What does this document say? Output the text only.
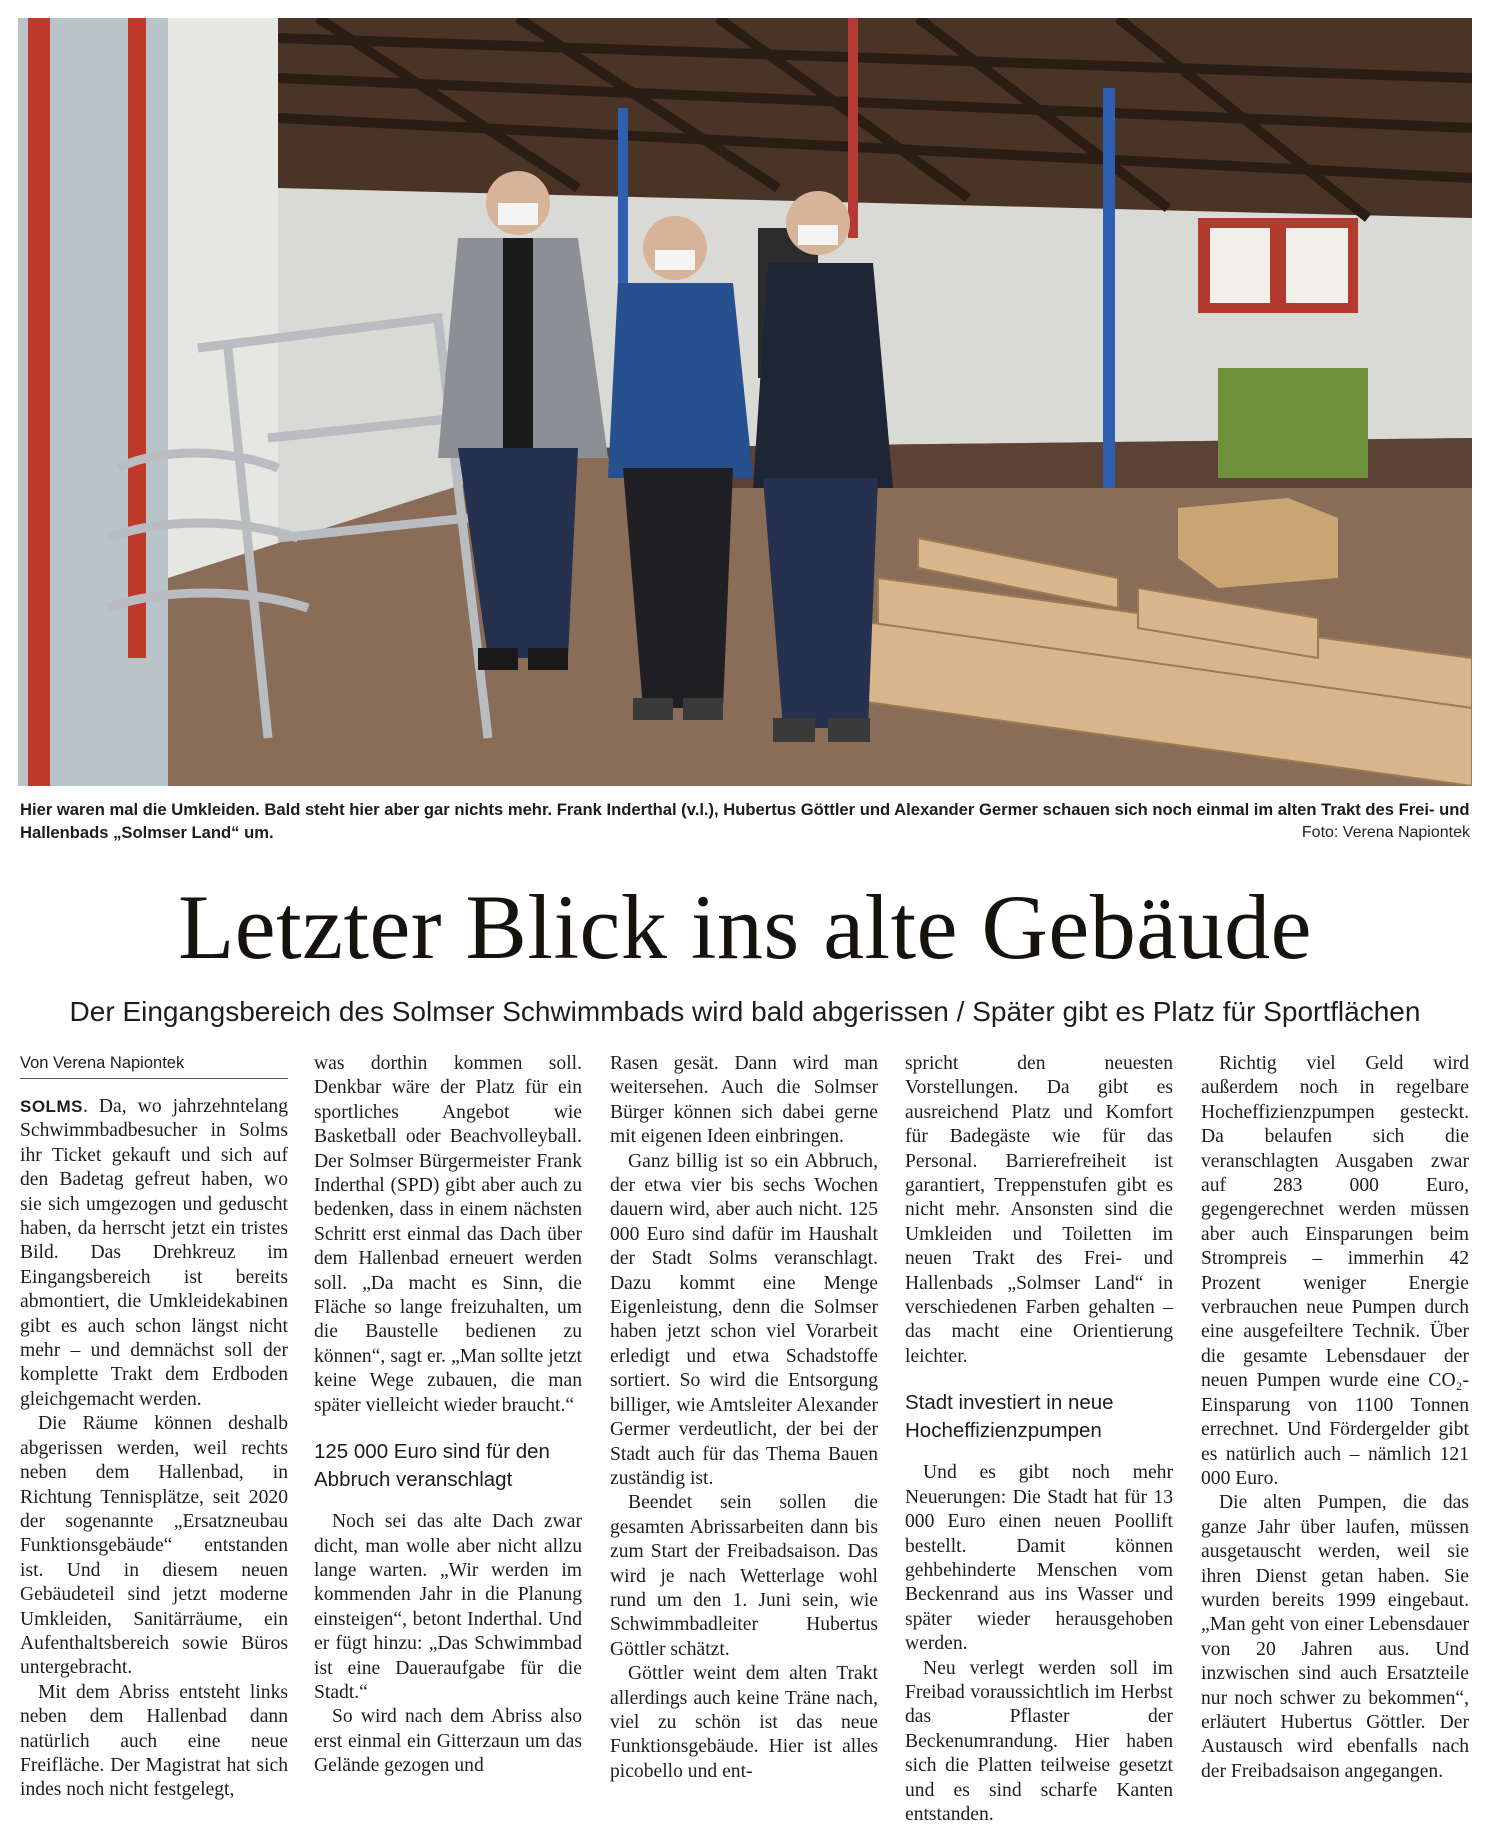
Hier waren mal die Umkleiden. Bald steht hier aber gar nichts mehr. Frank Inderthal (v.l.), Hubertus Göttler und Alexander Germer schauen sich noch einmal im alten Trakt des Frei- und Hallenbads „Solmser Land“ um.	Foto: Verena Napiontek
Letzter Blick ins alte Gebäude
Der Eingangsbereich des Solmser Schwimmbads wird bald abgerissen / Später gibt es Platz für Sportflächen
Von Verena Napiontek

SOLMS. Da, wo jahrzehntelang Schwimmbadbesucher in Solms ihr Ticket gekauft und sich auf den Badetag gefreut haben, wo sie sich umgezogen und geduscht haben, da herrscht jetzt ein tristes Bild. Das Drehkreuz im Eingangsbereich ist bereits abmontiert, die Umkleidekabinen gibt es auch schon längst nicht mehr – und demnächst soll der komplette Trakt dem Erdboden gleichgemacht werden.

Die Räume können deshalb abgerissen werden, weil rechts neben dem Hallenbad, in Richtung Tennisplätze, seit 2020 der sogenannte „Ersatzneubau Funktionsgebäude“ entstanden ist. Und in diesem neuen Gebäudeteil sind jetzt moderne Umkleiden, Sanitärräume, ein Aufenthaltsbereich sowie Büros untergebracht.

Mit dem Abriss entsteht links neben dem Hallenbad dann natürlich auch eine neue Freifläche. Der Magistrat hat sich indes noch nicht festgelegt,

was dorthin kommen soll. Denkbar wäre der Platz für ein sportliches Angebot wie Basketball oder Beachvolleyball. Der Solmser Bürgermeister Frank Inderthal (SPD) gibt aber auch zu bedenken, dass in einem nächsten Schritt erst einmal das Dach über dem Hallenbad erneuert werden soll. „Da macht es Sinn, die Fläche so lange freizuhalten, um die Baustelle bedienen zu können“, sagt er. „Man sollte jetzt keine Wege zubauen, die man später vielleicht wieder braucht.“

125 000 Euro sind für den Abbruch veranschlagt

Noch sei das alte Dach zwar dicht, man wolle aber nicht allzu lange warten. „Wir werden im kommenden Jahr in die Planung einsteigen“, betont Inderthal. Und er fügt hinzu: „Das Schwimmbad ist eine Daueraufgabe für die Stadt.“

So wird nach dem Abriss also erst einmal ein Gitterzaun um das Gelände gezogen und

Rasen gesät. Dann wird man weitersehen. Auch die Solmser Bürger können sich dabei gerne mit eigenen Ideen einbringen.

Ganz billig ist so ein Abbruch, der etwa vier bis sechs Wochen dauern wird, aber auch nicht. 125 000 Euro sind dafür im Haushalt der Stadt Solms veranschlagt. Dazu kommt eine Menge Eigenleistung, denn die Solmser haben jetzt schon viel Vorarbeit erledigt und etwa Schadstoffe sortiert. So wird die Entsorgung billiger, wie Amtsleiter Alexander Germer verdeutlicht, der bei der Stadt auch für das Thema Bauen zuständig ist.

Beendet sein sollen die gesamten Abrissarbeiten dann bis zum Start der Freibadsaison. Das wird je nach Wetterlage wohl rund um den 1. Juni sein, wie Schwimmbadleiter Hubertus Göttler schätzt.

Göttler weint dem alten Trakt allerdings auch keine Träne nach, viel zu schön ist das neue Funktionsgebäude. Hier ist alles picobello und ent-

spricht den neuesten Vorstellungen. Da gibt es ausreichend Platz und Komfort für Badegäste wie für das Personal. Barrierefreiheit ist garantiert, Treppenstufen gibt es nicht mehr. Ansonsten sind die Umkleiden und Toiletten im neuen Trakt des Frei- und Hallenbads „Solmser Land“ in verschiedenen Farben gehalten – das macht eine Orientierung leichter.

Stadt investiert in neue Hocheffizienzpumpen

Und es gibt noch mehr Neuerungen: Die Stadt hat für 13 000 Euro einen neuen Poollift bestellt. Damit können gehbehinderte Menschen vom Beckenrand aus ins Wasser und später wieder herausgehoben werden.

Neu verlegt werden soll im Freibad voraussichtlich im Herbst das Pflaster der Beckenumrandung. Hier haben sich die Platten teilweise gesetzt und es sind scharfe Kanten entstanden.

Richtig viel Geld wird außerdem noch in regelbare Hocheffizienzpumpen gesteckt. Da belaufen sich die veranschlagten Ausgaben zwar auf 283 000 Euro, gegengerechnet werden müssen aber auch Einsparungen beim Strompreis – immerhin 42 Prozent weniger Energie verbrauchen neue Pumpen durch eine ausgefeiltere Technik. Über die gesamte Lebensdauer der neuen Pumpen wurde eine CO₂-Einsparung von 1100 Tonnen errechnet. Und Fördergelder gibt es natürlich auch – nämlich 121 000 Euro.

Die alten Pumpen, die das ganze Jahr über laufen, müssen ausgetauscht werden, weil sie ihren Dienst getan haben. Sie wurden bereits 1999 eingebaut. „Man geht von einer Lebensdauer von 20 Jahren aus. Und inzwischen sind auch Ersatzteile nur noch schwer zu bekommen“, erläutert Hubertus Göttler. Der Austausch wird ebenfalls nach der Freibadsaison angegangen.
